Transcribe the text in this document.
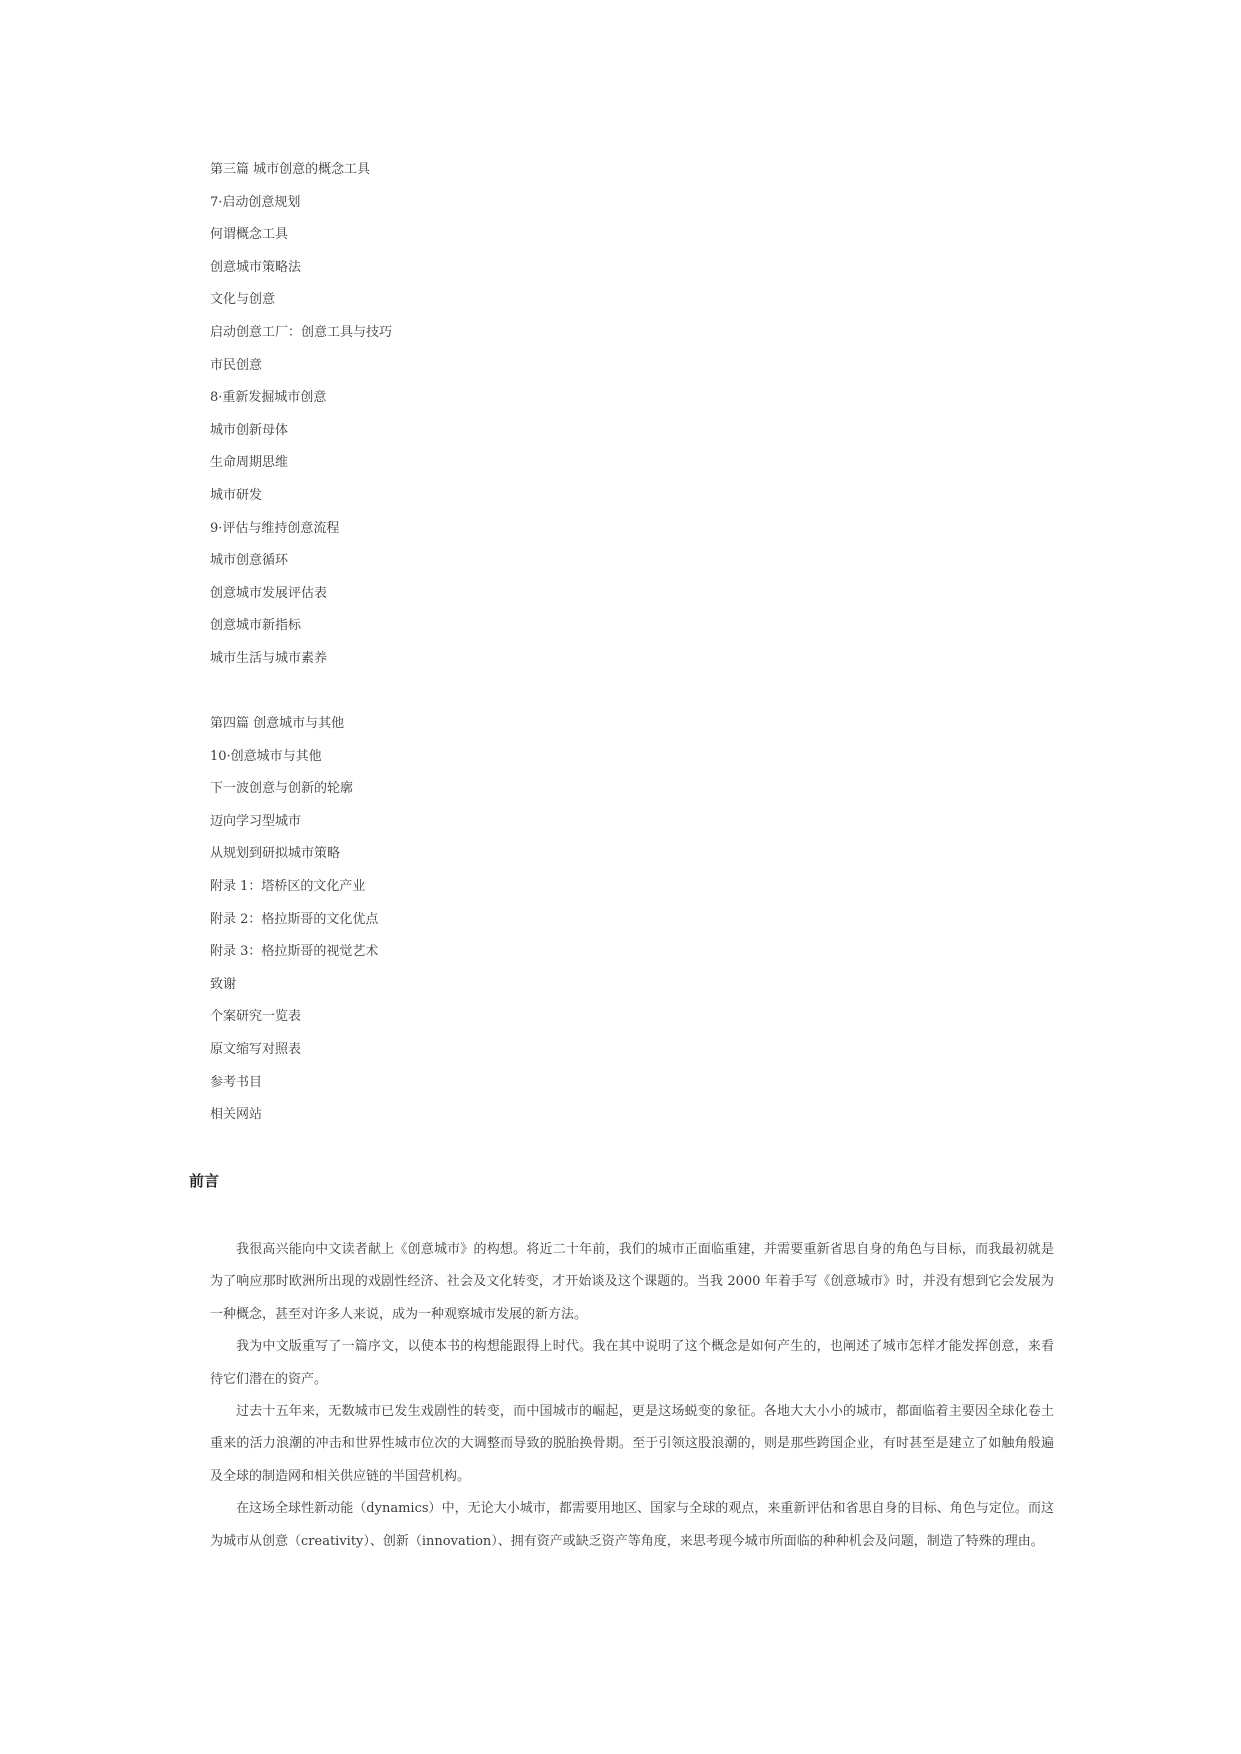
第三篇 城市创意的概念工具
7·启动创意规划
何谓概念工具
创意城市策略法
文化与创意
启动创意工厂：创意工具与技巧
市民创意
8·重新发掘城市创意
城市创新母体
生命周期思维
城市研发
9·评估与维持创意流程
城市创意循环
创意城市发展评估表
创意城市新指标
城市生活与城市素养
第四篇 创意城市与其他
10·创意城市与其他
下一波创意与创新的轮廓
迈向学习型城市
从规划到研拟城市策略
附录 1：塔桥区的文化产业
附录 2：格拉斯哥的文化优点
附录 3：格拉斯哥的视觉艺术
致谢
个案研究一览表
原文缩写对照表
参考书目
相关网站
前言

我很高兴能向中文读者献上《创意城市》的构想。将近二十年前，我们的城市正面临重建，并需要重新省思自身的角色与目标，而我最初就是为了响应那时欧洲所出现的戏剧性经济、社会及文化转变，才开始谈及这个课题的。当我 2000 年着手写《创意城市》时，并没有想到它会发展为一种概念，甚至对许多人来说，成为一种观察城市发展的新方法。

我为中文版重写了一篇序文，以使本书的构想能跟得上时代。我在其中说明了这个概念是如何产生的，也阐述了城市怎样才能发挥创意，来看待它们潜在的资产。

过去十五年来，无数城市已发生戏剧性的转变，而中国城市的崛起，更是这场蜕变的象征。各地大大小小的城市，都面临着主要因全球化卷土重来的活力浪潮的冲击和世界性城市位次的大调整而导致的脱胎换骨期。至于引领这股浪潮的，则是那些跨国企业，有时甚至是建立了如触角般遍及全球的制造网和相关供应链的半国营机构。

在这场全球性新动能（dynamics）中，无论大小城市，都需要用地区、国家与全球的观点，来重新评估和省思自身的目标、角色与定位。而这为城市从创意（creativity）、创新（innovation）、拥有资产或缺乏资产等角度，来思考现今城市所面临的种种机会及问题，制造了特殊的理由。
